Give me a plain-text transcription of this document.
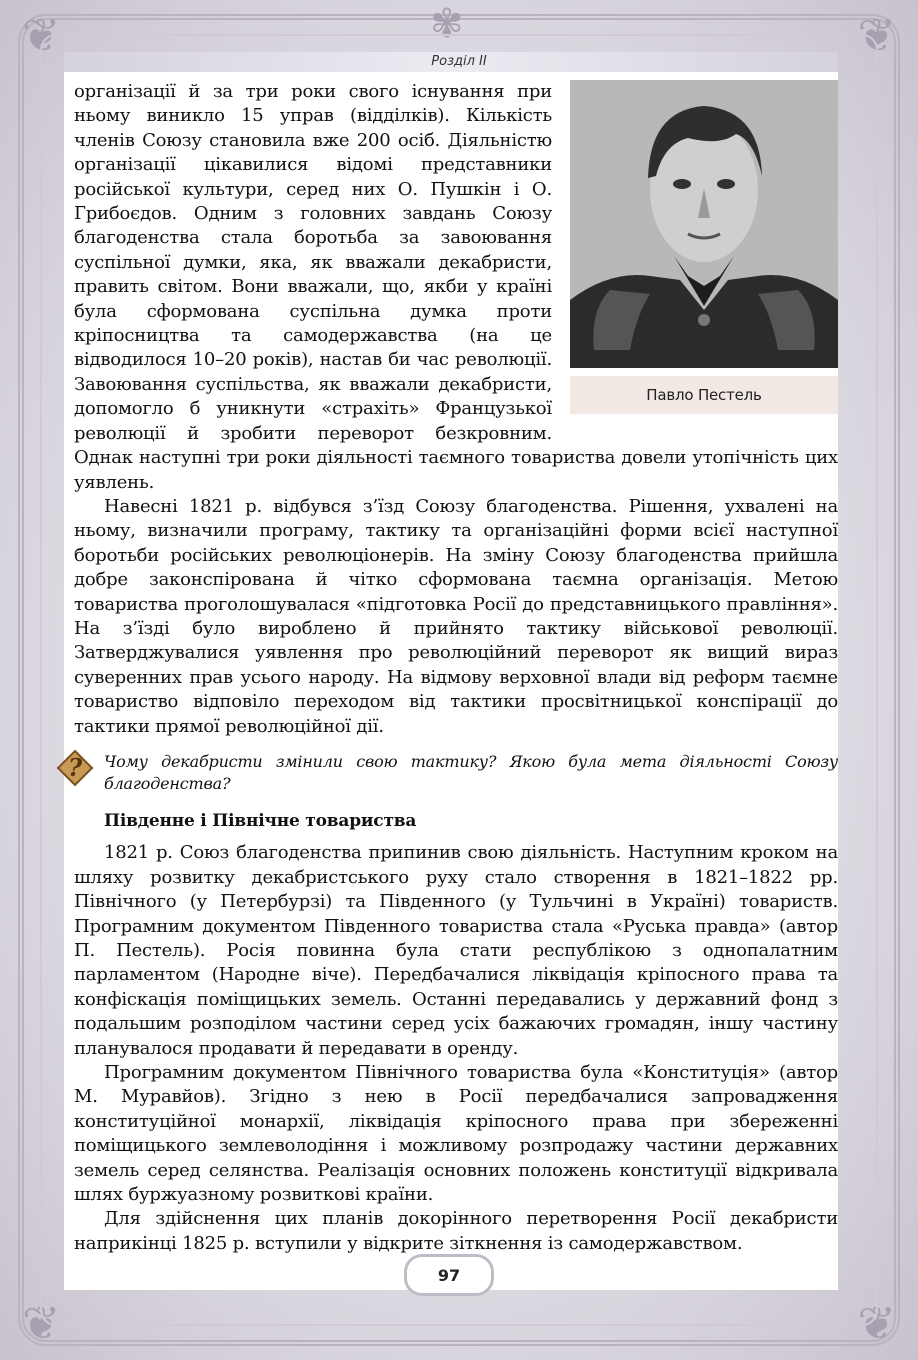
❦	❦
❦	❦
✾
Розділ II
Павло Пестель

організації й за три роки свого існування при ньому виникло 15 управ (відділків). Кількість членів Союзу становила вже 200 осіб. Діяльністю організації цікавилися відомі представники російської культури, серед них О. Пушкін і О. Грибоєдов. Одним з головних завдань Союзу благоденства стала боротьба за завоювання суспільної думки, яка, як вважали декабристи, править світом. Вони вважали, що, якби у країні була сформована суспільна думка проти кріпосництва та самодержавства (на це відводилося 10–20 років), настав би час революції. Завоювання суспільства, як вважали декабристи, допомогло б уникнути «страхіть» Французької революції й зробити переворот безкровним. Однак наступні три роки діяльності таємного товариства довели утопічність цих уявлень.

Навесні 1821 р. відбувся з’їзд Союзу благоденства. Рішення, ухвалені на ньому, визначили програму, тактику та організаційні форми всієї наступної боротьби російських революціонерів. На зміну Союзу благоденства прийшла добре законспірована й чітко сформована таємна організація. Метою товариства проголошувалася «підготовка Росії до представницького правління». На з’їзді було вироблено й прийнято тактику військової революції. Затверджувалися уявлення про революційний переворот як вищий вираз суверенних прав усього народу. На відмову верховної влади від реформ таємне товариство відповіло переходом від тактики просвітницької конспірації до тактики прямої революційної дії.

? Чому декабристи змінили свою тактику? Якою була мета діяльності Союзу благоденства?
Південне і Північне товариства

1821 р. Союз благоденства припинив свою діяльність. Наступним кроком на шляху розвитку декабристського руху стало створення в 1821–1822 рр. Північного (у Петербурзі) та Південного (у Тульчині в Україні) товариств. Програмним документом Південного товариства стала «Руська правда» (автор П. Пестель). Росія повинна була стати республікою з однопалатним парламентом (Народне віче). Передбачалися ліквідація кріпосного права та конфіскація поміщицьких земель. Останні передавались у державний фонд з подальшим розподілом частини серед усіх бажаючих громадян, іншу частину планувалося продавати й передавати в оренду.

Програмним документом Північного товариства була «Конституція» (автор М. Муравйов). Згідно з нею в Росії передбачалися запровадження конституційної монархії, ліквідація кріпосного права при збереженні поміщицького землеволодіння і можливому розпродажу частини державних земель серед селянства. Реалізація основних положень конституції відкривала шлях буржуазному розвиткові країни.

Для здійснення цих планів докорінного перетворення Росії декабристи наприкінці 1825 р. вступили у відкрите зіткнення із самодержавством.

97
